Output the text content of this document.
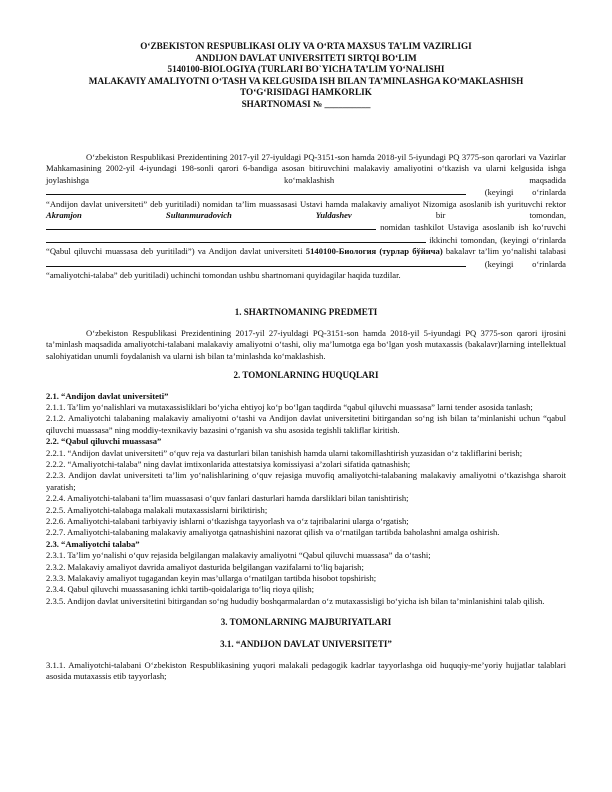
O‘ZBEKISTON RESPUBLIKASI OLIY VA O‘RTA MAXSUS TA’LIM VAZIRLIGI
ANDIJON DAVLAT UNIVERSITETI SIRTQI BO‘LIM
5140100-BIOLOGIYA (TURLARI BO`YICHA TA’LIM YO‘NALISHI
MALAKAVIY AMALIYOTNI O‘TASH VA KELGUSIDA ISH BILAN TA’MINLASHGA KO‘MAKLASHISH
TO‘G‘RISIDAGI HAMKORLIK
SHARTNOMASI № __________

O‘zbekiston Respublikasi Prezidentining 2017-yil 27-iyuldagi PQ-3151-son hamda 2018-yil 5-iyundagi PQ 3775-son qarorlari va Vazirlar Mahkamasining 2002-yil 4-iyundagi 198-sonli qarori 6-bandiga asosan bitiruvchini malakaviy amaliyotini o‘tkazish va ularni kelgusida ishga joylashishga ko‘maklashish maqsadida  (keyingi o‘rinlarda “Andijon davlat universiteti” deb yuritiladi) nomidan ta’lim muassasasi Ustavi hamda malakaviy amaliyot Nizomiga asoslanib ish yurituvchi rektor Akramjon Sultanmuradovich Yuldashev	bir tomondan,  nomidan tashkilot Ustaviga asoslanib ish ko‘ruvchi  ikkinchi tomondan, (keyingi o‘rinlarda “Qabul qiluvchi muassasa deb yuritiladi”) va Andijon davlat universiteti 5140100-Биология (турлар бўйича) bakalavr ta’lim yo‘nalishi talabasi  (keyingi o‘rinlarda “amaliyotchi-talaba” deb yuritiladi) uchinchi tomondan ushbu shartnomani quyidagilar haqida tuzdilar.

1. SHARTNOMANING PREDMETI

O‘zbekiston Respublikasi Prezidentining 2017-yil 27-iyuldagi PQ-3151-son hamda 2018-yil 5-iyundagi PQ 3775-son qarori ijrosini ta’minlash maqsadida amaliyotchi-talabani malakaviy amaliyotni o‘tashi, oliy ma’lumotga ega bo‘lgan yosh mutaxassis (bakalavr)larning intellektual salohiyatidan unumli foydalanish va ularni ish bilan ta’minlashda ko‘maklashish.

2. TOMONLARNING HUQUQLARI

2.1. “Andijon davlat universiteti”

2.1.1. Ta’lim yo‘nalishlari va mutaxassisliklari bo‘yicha ehtiyoj ko‘p bo‘lgan taqdirda “qabul qiluvchi muassasa” larni tender asosida tanlash;

2.1.2. Amaliyotchi talabaning malakaviy amaliyotni o‘tashi va Andijon davlat universitetini bitirgandan so‘ng ish bilan ta’minlanishi uchun “qabul qiluvchi muassasa” ning moddiy-texnikaviy bazasini o‘rganish va shu asosida tegishli takliflar kiritish.

2.2. “Qabul qiluvchi muassasa”

2.2.1. “Andijon davlat universiteti” o‘quv reja va dasturlari bilan tanishish hamda ularni takomillashtirish yuzasidan o‘z takliflarini berish;

2.2.2. “Amaliyotchi-talaba” ning davlat imtixonlarida attestatsiya komissiyasi a’zolari sifatida qatnashish;

2.2.3. Andijon davlat universiteti ta’lim yo‘nalishlarining o‘quv rejasiga muvofiq amaliyotchi-talabaning malakaviy amaliyotni o‘tkazishga sharoit yaratish;

2.2.4. Amaliyotchi-talabani ta’lim muassasasi o‘quv fanlari dasturlari hamda darsliklari bilan tanishtirish;

2.2.5. Amaliyotchi-talabaga malakali mutaxassislarni biriktirish;

2.2.6. Amaliyotchi-talabani tarbiyaviy ishlarni o‘tkazishga tayyorlash va o‘z tajribalarini ularga o‘rgatish;

2.2.7. Amaliyotchi-talabaning malakaviy amaliyotga qatnashishini nazorat qilish va o‘rnatilgan tartibda baholashni amalga oshirish.

2.3. “Amaliyotchi talaba”

2.3.1. Ta’lim yo‘nalishi o‘quv rejasida belgilangan malakaviy amaliyotni “Qabul qiluvchi muassasa” da o‘tashi;

2.3.2. Malakaviy amaliyot davrida amaliyot dasturida belgilangan vazifalarni to‘liq bajarish;

2.3.3. Malakaviy amaliyot tugagandan keyin mas’ullarga o‘rnatilgan tartibda hisobot topshirish;

2.3.4. Qabul qiluvchi muassasaning ichki tartib-qoidalariga to‘liq rioya qilish;

2.3.5. Andijon davlat universitetini bitirgandan so‘ng hududiy boshqarmalardan o‘z mutaxassisligi bo‘yicha ish bilan ta’minlanishini talab qilish.

3. TOMONLARNING MAJBURIYATLARI

3.1. “ANDIJON DAVLAT UNIVERSITETI”

3.1.1. Amaliyotchi-talabani O‘zbekiston Respublikasining yuqori malakali pedagogik kadrlar tayyorlashga oid huquqiy-me’yoriy hujjatlar talablari asosida mutaxassis etib tayyorlash;
